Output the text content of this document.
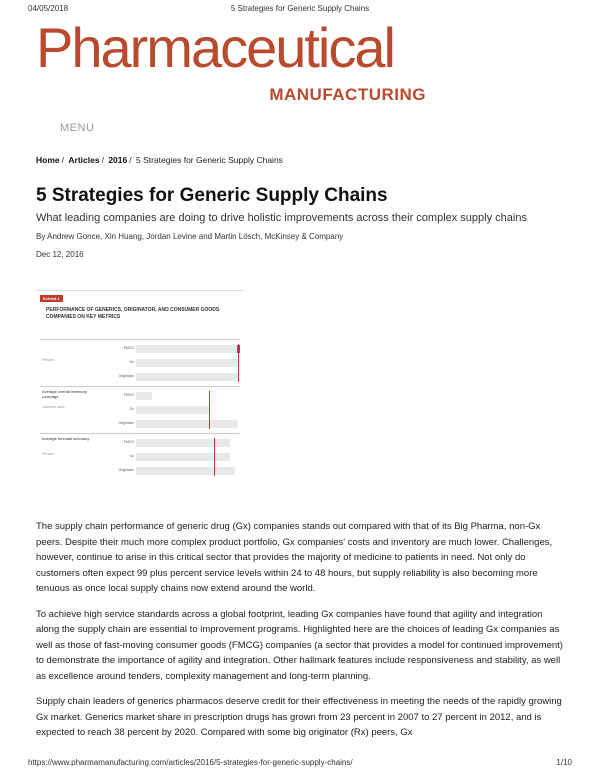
04/05/2018	5 Strategies for Generic Supply Chains
Pharmaceutical
MANUFACTURING
MENU
Home / Articles / 2016 / 5 Strategies for Generic Supply Chains
5 Strategies for Generic Supply Chains
What leading companies are doing to drive holistic improvements across their complex supply chains
By Andrew Gonce, Xin Huang, Jordan Levine and Martin Lösch, McKinsey & Company
Dec 12, 2016
Exhibit 1
PERFORMANCE OF GENERICS, ORIGINATOR, AND CONSUMER GOODS COMPANIES ON KEY METRICS
Percent
FMCG
Gx
Originator
Average overall inventory coverage
Calendar days
FMCG
Gx
Originator
Average forecast accuracy
Percent
FMCG
Gx
Originator

The supply chain performance of generic drug (Gx) companies stands out compared with that of its Big Pharma, non-Gx peers. Despite their much more complex product portfolio, Gx companies' costs and inventory are much lower. Challenges, however, continue to arise in this critical sector that provides the majority of medicine to patients in need. Not only do customers often expect 99 plus percent service levels within 24 to 48 hours, but supply reliability is also becoming more tenuous as once local supply chains now extend around the world.

To achieve high service standards across a global footprint, leading Gx companies have found that agility and integration along the supply chain are essential to improvement programs. Highlighted here are the choices of leading Gx companies as well as those of fast-moving consumer goods (FMCG) companies (a sector that provides a model for continued improvement) to demonstrate the importance of agility and integration. Other hallmark features include responsiveness and stability, as well as excellence around tenders, complexity management and long-term planning.

Supply chain leaders of generics pharmacos deserve credit for their effectiveness in meeting the needs of the rapidly growing Gx market. Generics market share in prescription drugs has grown from 23 percent in 2007 to 27 percent in 2012, and is expected to reach 38 percent by 2020. Compared with some big originator (Rx) peers, Gx

https://www.pharmamanufacturing.com/articles/2016/5-strategies-for-generic-supply-chains/	1/10
